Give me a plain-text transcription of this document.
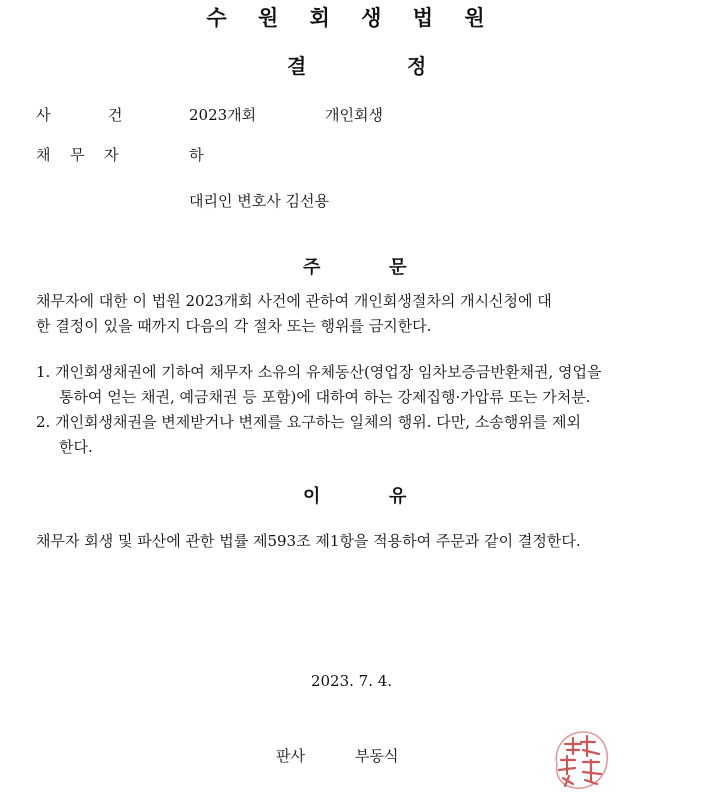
수 원 회 생 법 원
결	정
사	건	2023개회	개인회생
채 무 자	하
대리인 변호사 김선용
주	문
채무자에 대한 이 법원 2023개회 사건에 관하여 개인회생절차의 개시신청에 대
한 결정이 있을 때까지 다음의 각 절차 또는 행위를 금지한다.
1. 개인회생채권에 기하여 채무자 소유의 유체동산(영업장 임차보증금반환채권, 영업을
통하여 얻는 채권, 예금채권 등 포함)에 대하여 하는 강제집행·가압류 또는 가처분.
2. 개인회생채권을 변제받거나 변제를 요구하는 일체의 행위. 다만, 소송행위를 제외
한다.
이	유
채무자 회생 및 파산에 관한 법률 제593조 제1항을 적용하여 주문과 같이 결정한다.
2023. 7. 4.
판사	부동식
